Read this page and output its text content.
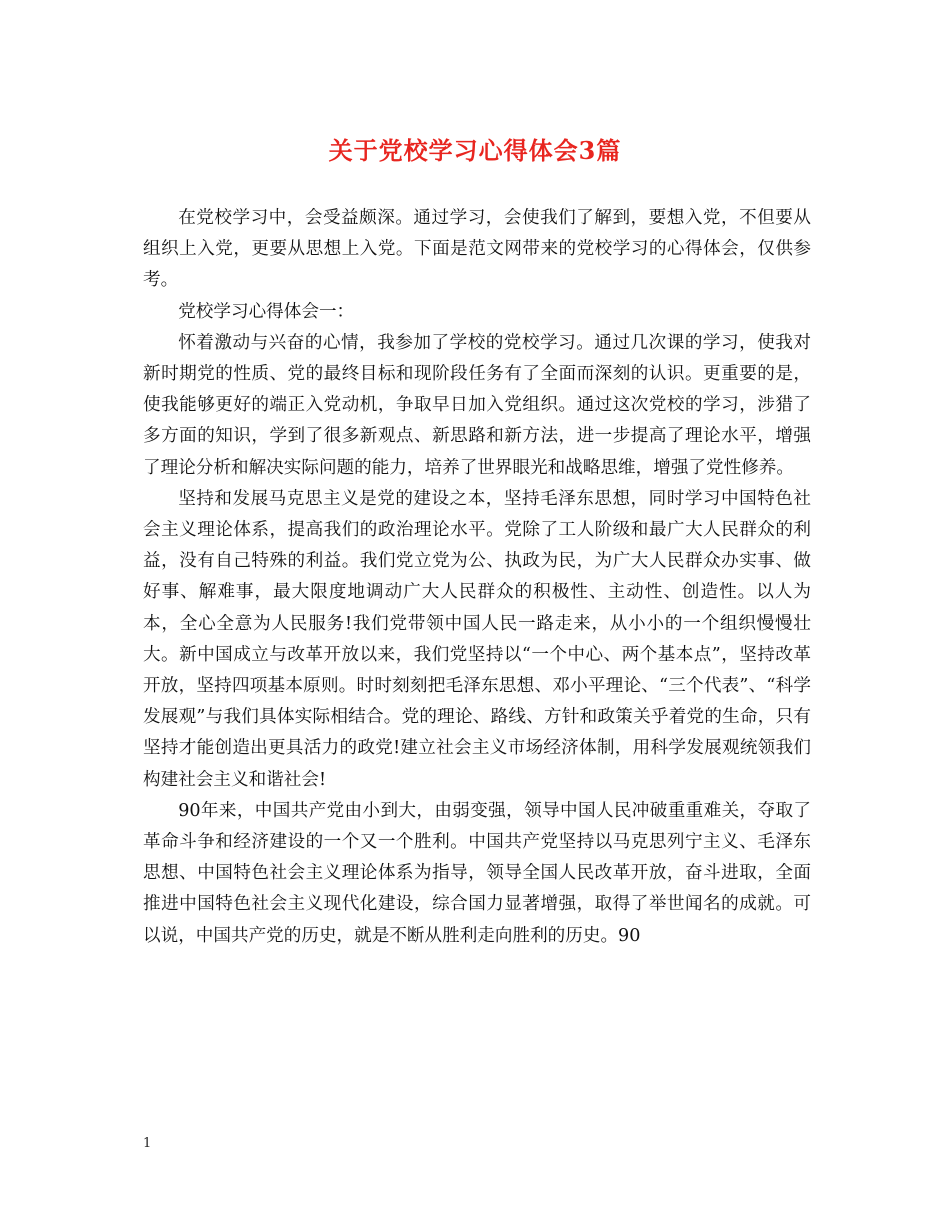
关于党校学习心得体会3篇

在党校学习中，会受益颇深。通过学习，会使我们了解到，要想入党，不但要从组织上入党，更要从思想上入党。下面是范文网带来的党校学习的心得体会，仅供参考。

党校学习心得体会一：

怀着激动与兴奋的心情，我参加了学校的党校学习。通过几次课的学习，使我对新时期党的性质、党的最终目标和现阶段任务有了全面而深刻的认识。更重要的是，使我能够更好的端正入党动机，争取早日加入党组织。通过这次党校的学习，涉猎了多方面的知识，学到了很多新观点、新思路和新方法，进一步提高了理论水平，增强了理论分析和解决实际问题的能力，培养了世界眼光和战略思维，增强了党性修养。

坚持和发展马克思主义是党的建设之本，坚持毛泽东思想，同时学习中国特色社会主义理论体系，提高我们的政治理论水平。党除了工人阶级和最广大人民群众的利益，没有自己特殊的利益。我们党立党为公、执政为民，为广大人民群众办实事、做好事、解难事，最大限度地调动广大人民群众的积极性、主动性、创造性。以人为本，全心全意为人民服务!我们党带领中国人民一路走来，从小小的一个组织慢慢壮大。新中国成立与改革开放以来，我们党坚持以“一个中心、两个基本点”，坚持改革开放，坚持四项基本原则。时时刻刻把毛泽东思想、邓小平理论、“三个代表”、“科学发展观”与我们具体实际相结合。党的理论、路线、方针和政策关乎着党的生命，只有坚持才能创造出更具活力的政党!建立社会主义市场经济体制，用科学发展观统领我们构建社会主义和谐社会!

90年来，中国共产党由小到大，由弱变强，领导中国人民冲破重重难关，夺取了革命斗争和经济建设的一个又一个胜利。中国共产党坚持以马克思列宁主义、毛泽东思想、中国特色社会主义理论体系为指导，领导全国人民改革开放，奋斗进取，全面推进中国特色社会主义现代化建设，综合国力显著增强，取得了举世闻名的成就。可以说，中国共产党的历史，就是不断从胜利走向胜利的历史。90

1
